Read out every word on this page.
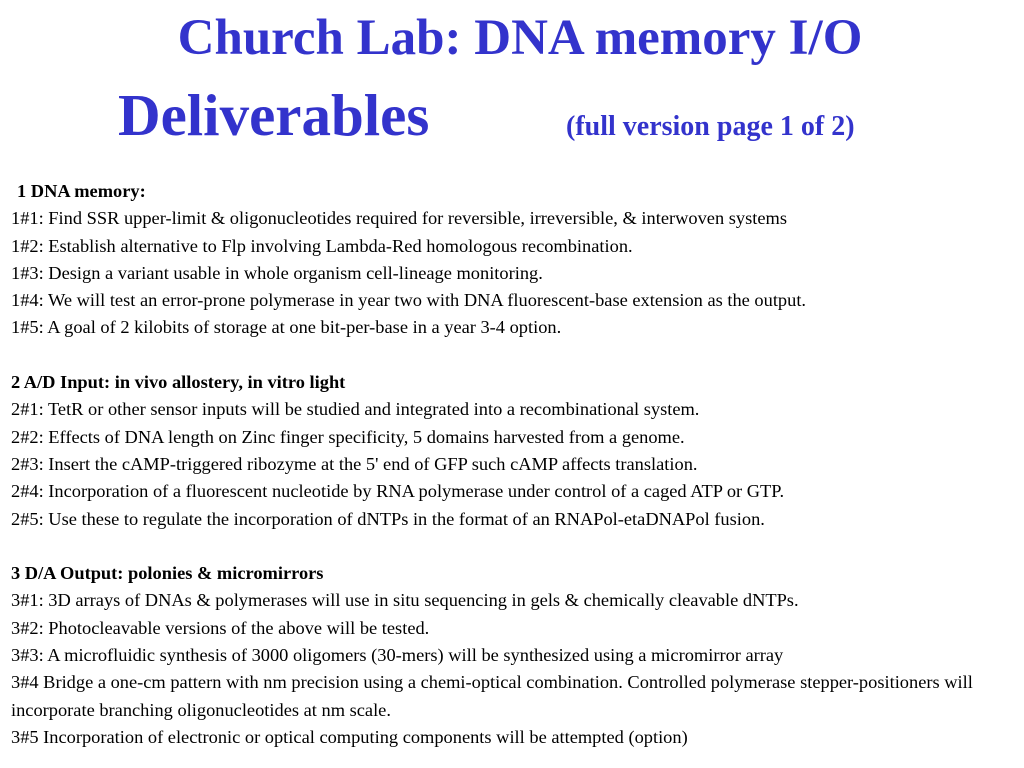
Church Lab: DNA memory I/O
Deliverables	(full version page 1 of 2)
1 DNA memory:
1#1: Find SSR upper-limit & oligonucleotides required for reversible, irreversible, & interwoven systems
1#2: Establish alternative to Flp involving Lambda-Red homologous recombination.
1#3: Design a variant usable in whole organism cell-lineage monitoring.
1#4: We will test an error-prone polymerase in year two with DNA fluorescent-base extension as the output.
1#5: A goal of 2 kilobits of storage at one bit-per-base in a year 3-4 option.
2 A/D Input: in vivo allostery, in vitro light
2#1: TetR or other sensor inputs will be studied and integrated into a recombinational system.
2#2: Effects of DNA length on Zinc finger specificity, 5 domains harvested from a genome.
2#3: Insert the cAMP-triggered ribozyme at the 5' end of GFP such cAMP affects translation.
2#4: Incorporation of a fluorescent nucleotide by RNA polymerase under control of a caged ATP or GTP.
2#5: Use these to regulate the incorporation of dNTPs in the format of an RNAPol-etaDNAPol fusion.
3 D/A Output: polonies & micromirrors
3#1: 3D arrays of DNAs & polymerases will use in situ sequencing in gels & chemically cleavable dNTPs.
3#2: Photocleavable versions of the above will be tested.
3#3: A microfluidic synthesis of 3000 oligomers (30-mers) will be synthesized using a micromirror array
3#4 Bridge a one-cm pattern with nm precision using a chemi-optical combination. Controlled polymerase stepper-positioners will incorporate branching oligonucleotides at nm scale.
3#5 Incorporation of electronic or optical computing components will be attempted (option)
